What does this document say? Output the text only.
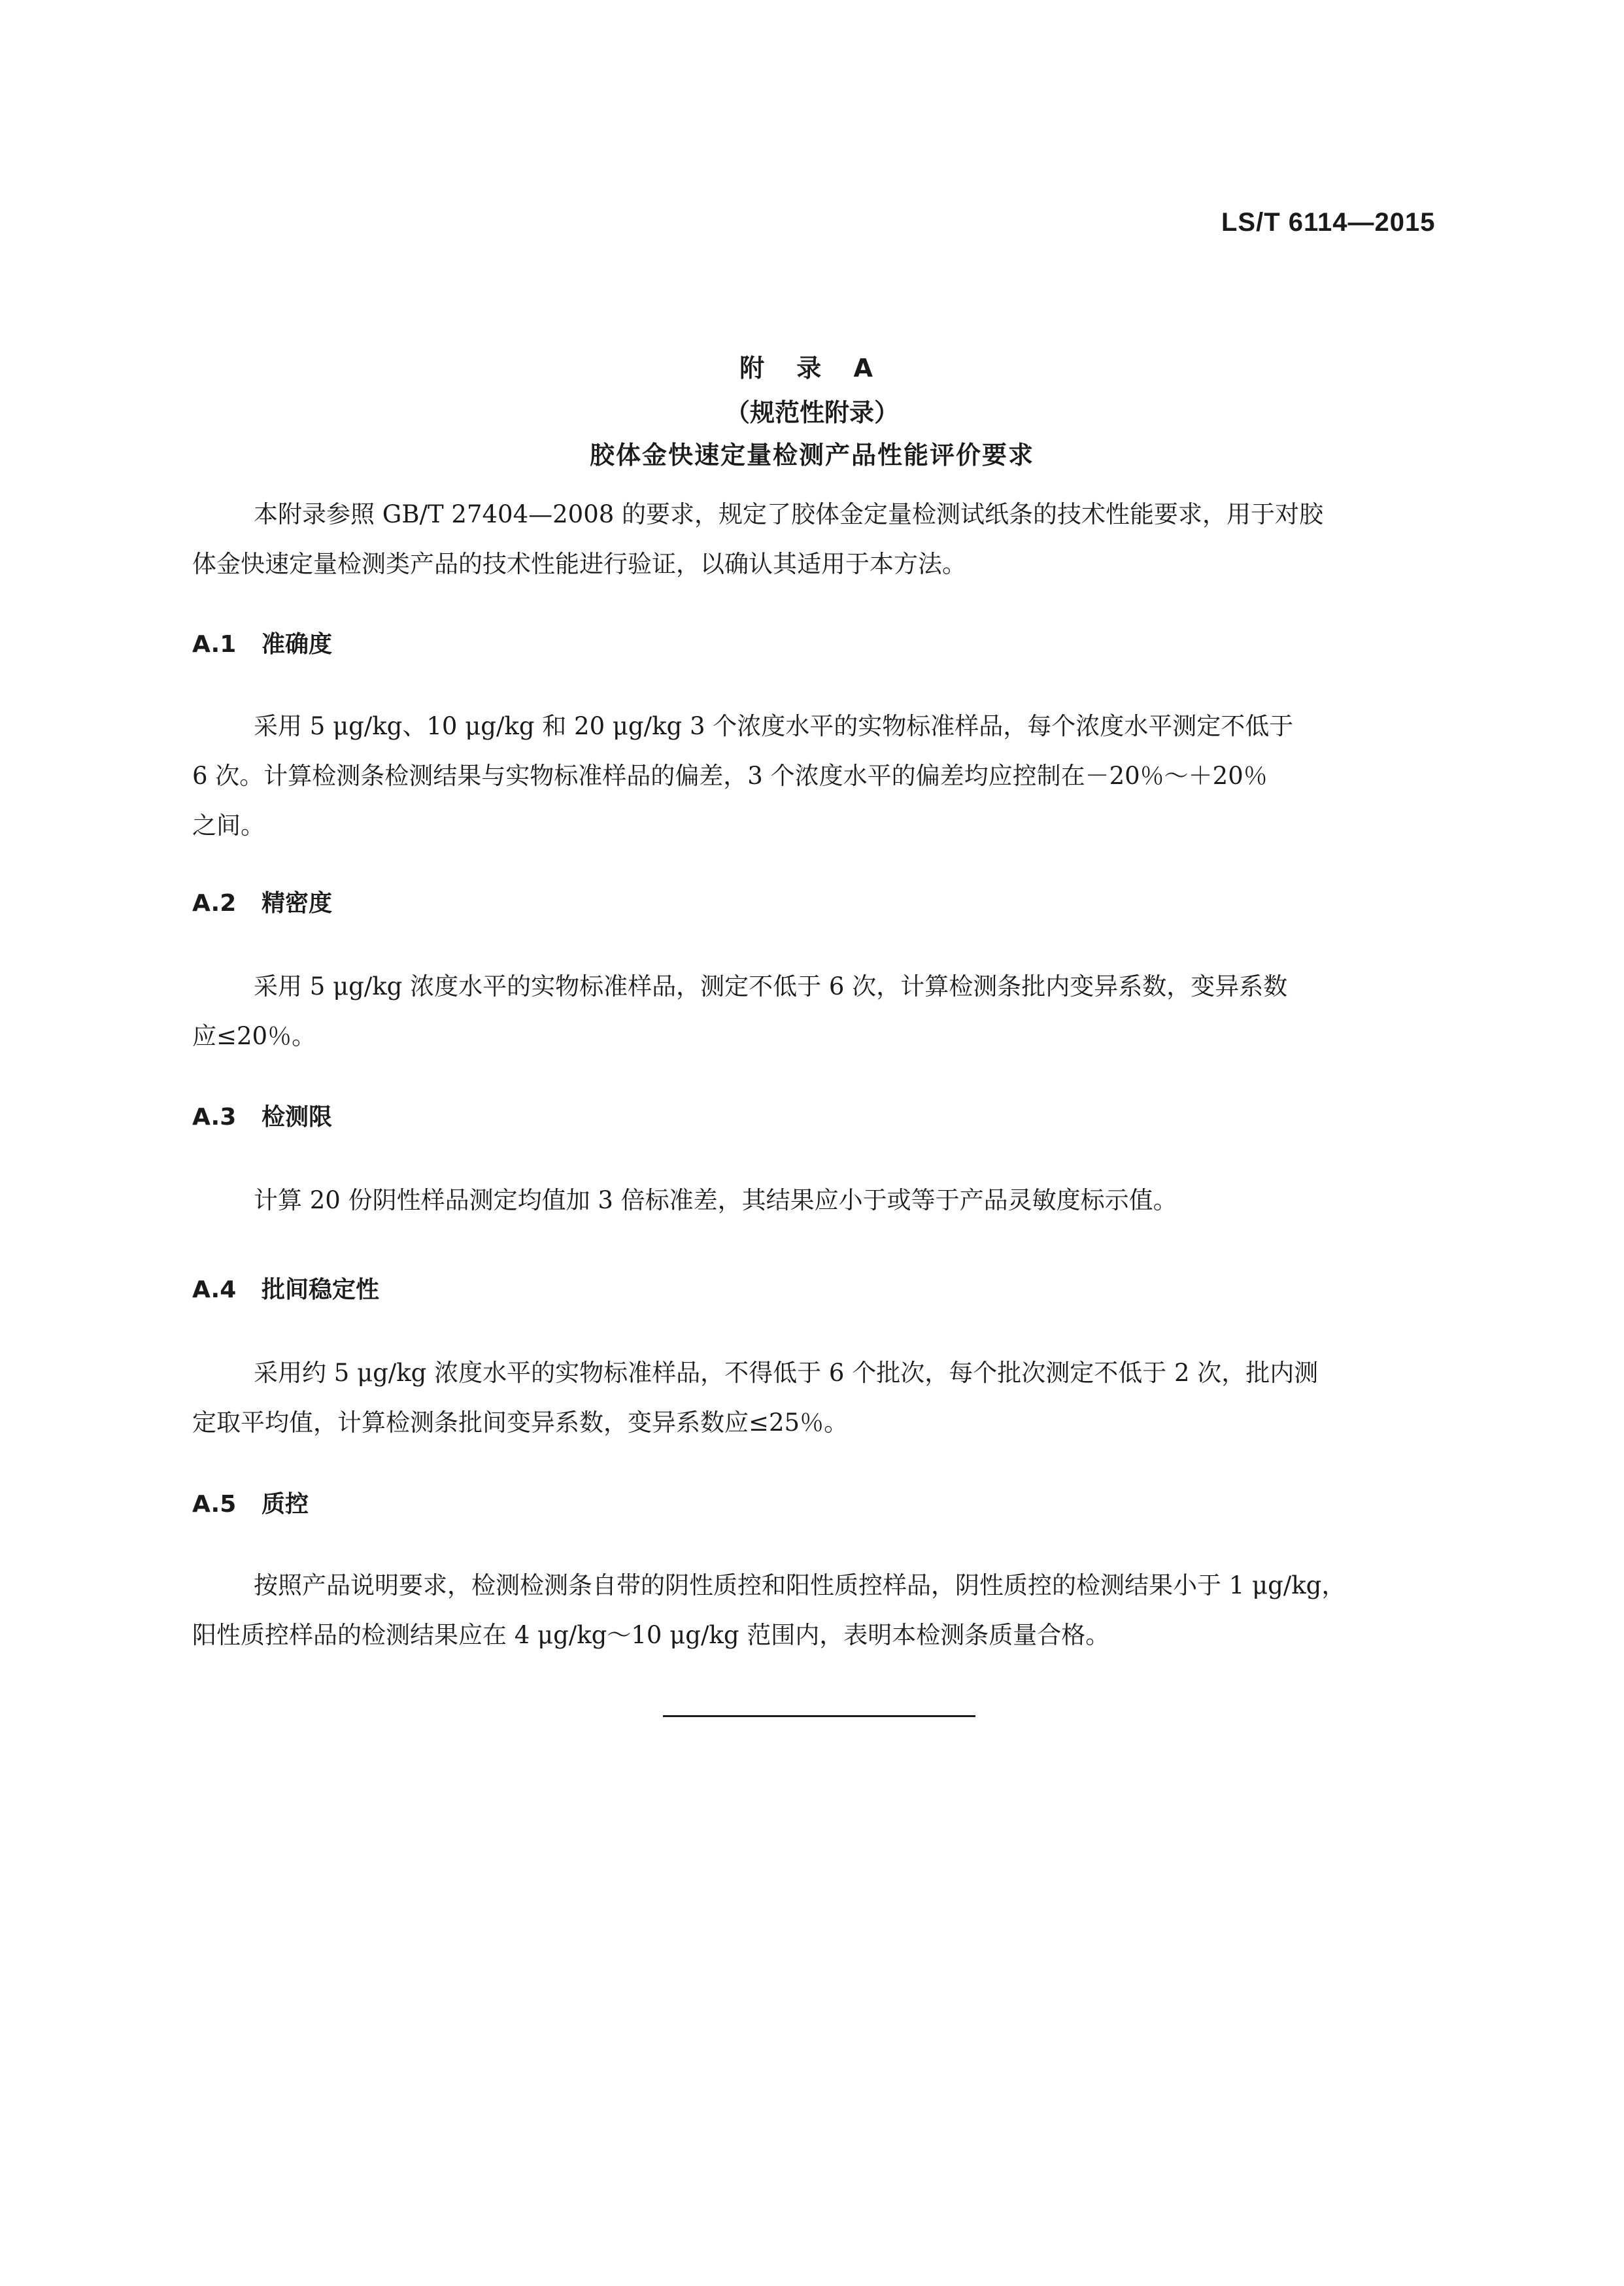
LS/T 6114—2015
附 录 A
（规范性附录）
胶体金快速定量检测产品性能评价要求
本附录参照 GB/T 27404—2008 的要求，规定了胶体金定量检测试纸条的技术性能要求，用于对胶
体金快速定量检测类产品的技术性能进行验证，以确认其适用于本方法。
A.1 准确度
采用 5 μg/kg、10 μg/kg 和 20 μg/kg 3 个浓度水平的实物标准样品，每个浓度水平测定不低于
6 次。计算检测条检测结果与实物标准样品的偏差，3 个浓度水平的偏差均应控制在－20％～＋20％
之间。
A.2 精密度
采用 5 μg/kg 浓度水平的实物标准样品，测定不低于 6 次，计算检测条批内变异系数，变异系数
应≤20％。
A.3 检测限
计算 20 份阴性样品测定均值加 3 倍标准差，其结果应小于或等于产品灵敏度标示值。
A.4 批间稳定性
采用约 5 μg/kg 浓度水平的实物标准样品，不得低于 6 个批次，每个批次测定不低于 2 次，批内测
定取平均值，计算检测条批间变异系数，变异系数应≤25％。
A.5 质控
按照产品说明要求，检测检测条自带的阴性质控和阳性质控样品，阴性质控的检测结果小于 1 μg/kg，
阳性质控样品的检测结果应在 4 μg/kg～10 μg/kg 范围内，表明本检测条质量合格。
